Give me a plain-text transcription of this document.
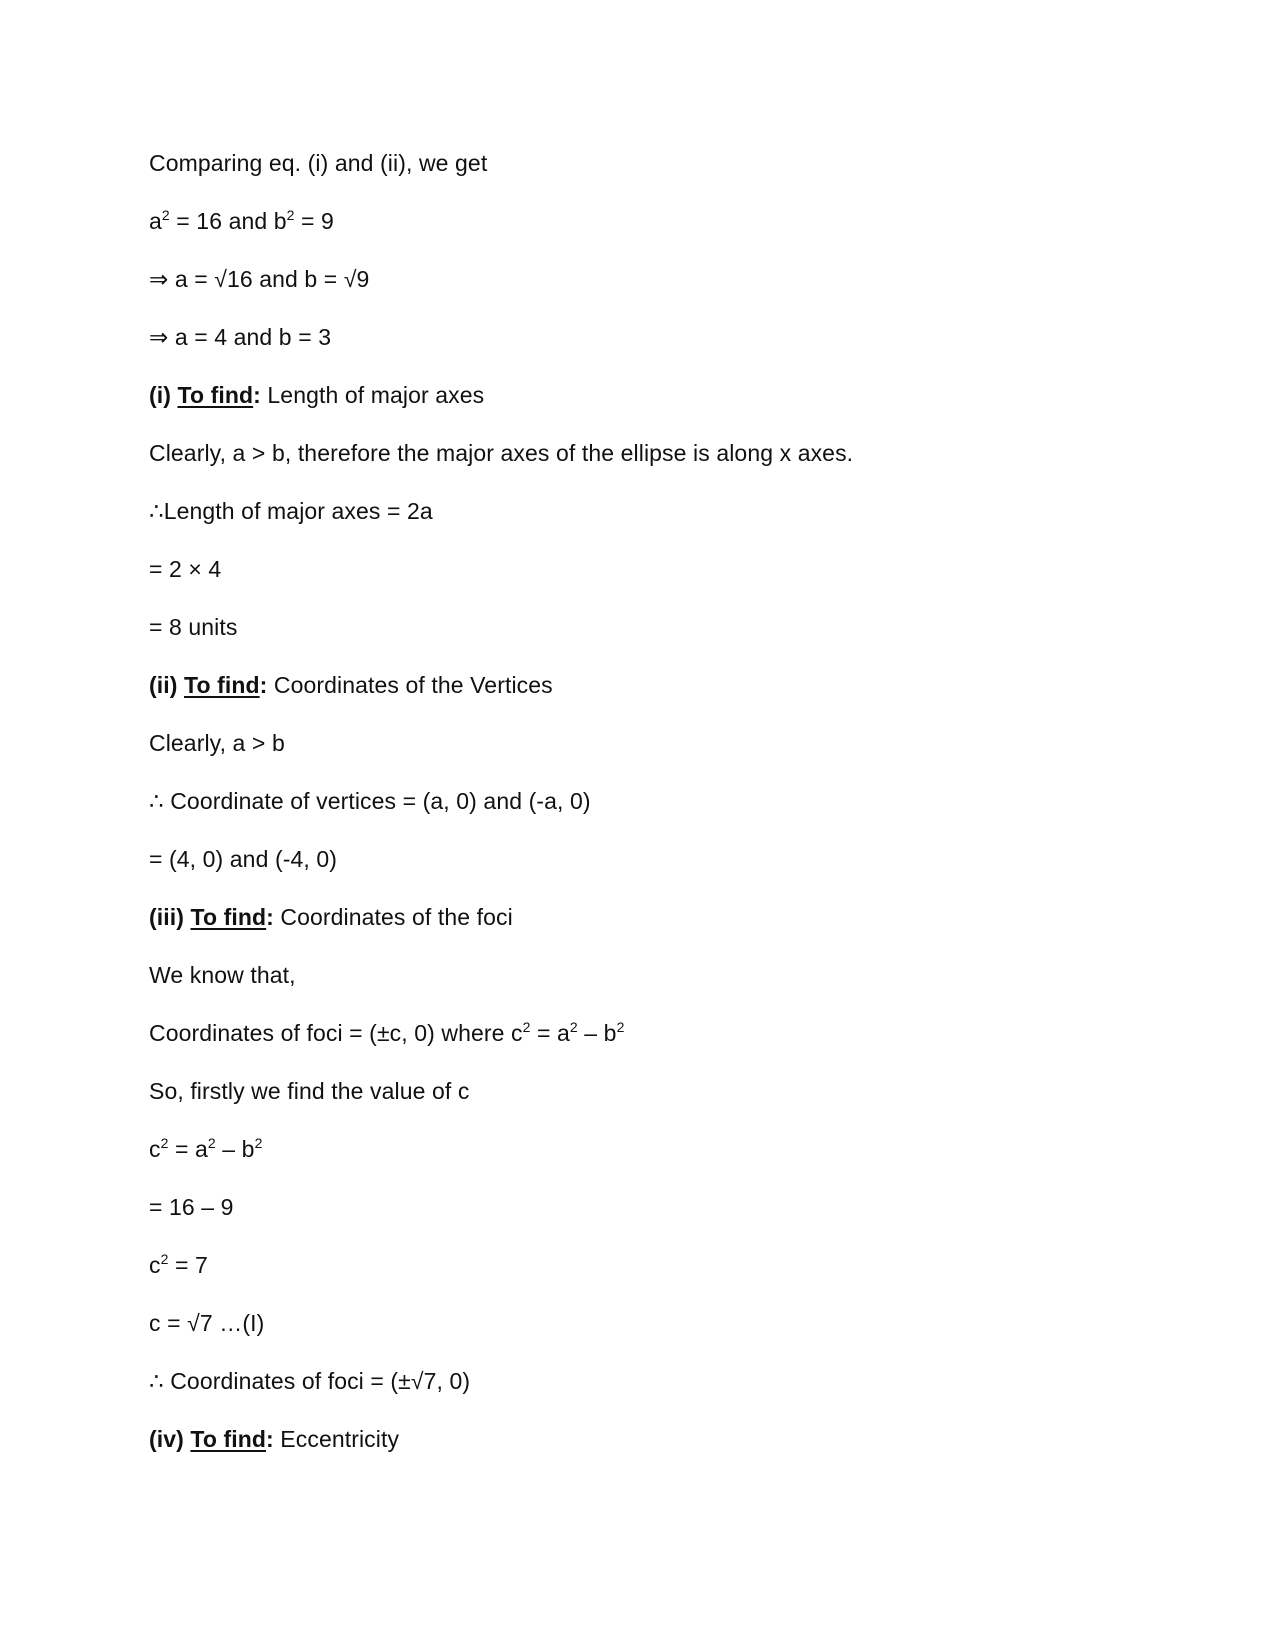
Comparing eq. (i) and (ii), we get
$a^2 = 16$ and $b^2 = 9$
⇒ a = √16 and b = √9
⇒ a = 4 and b = 3
(i) To find: Length of major axes
Clearly, a > b, therefore the major axes of the ellipse is along x axes.
∴Length of major axes = 2a
= 2 × 4
= 8 units
(ii) To find: Coordinates of the Vertices
Clearly, a > b
∴ Coordinate of vertices = (a, 0) and (-a, 0)
= (4, 0) and (-4, 0)
(iii) To find: Coordinates of the foci
We know that,
Coordinates of foci = (±c, 0) where $c^2 = a^2 - b^2$
So, firstly we find the value of c
$c^2 = a^2 - b^2$
= 16 – 9
$c^2 = 7$
c = √7 …(I)
∴ Coordinates of foci = (±√7, 0)
(iv) To find: Eccentricity
